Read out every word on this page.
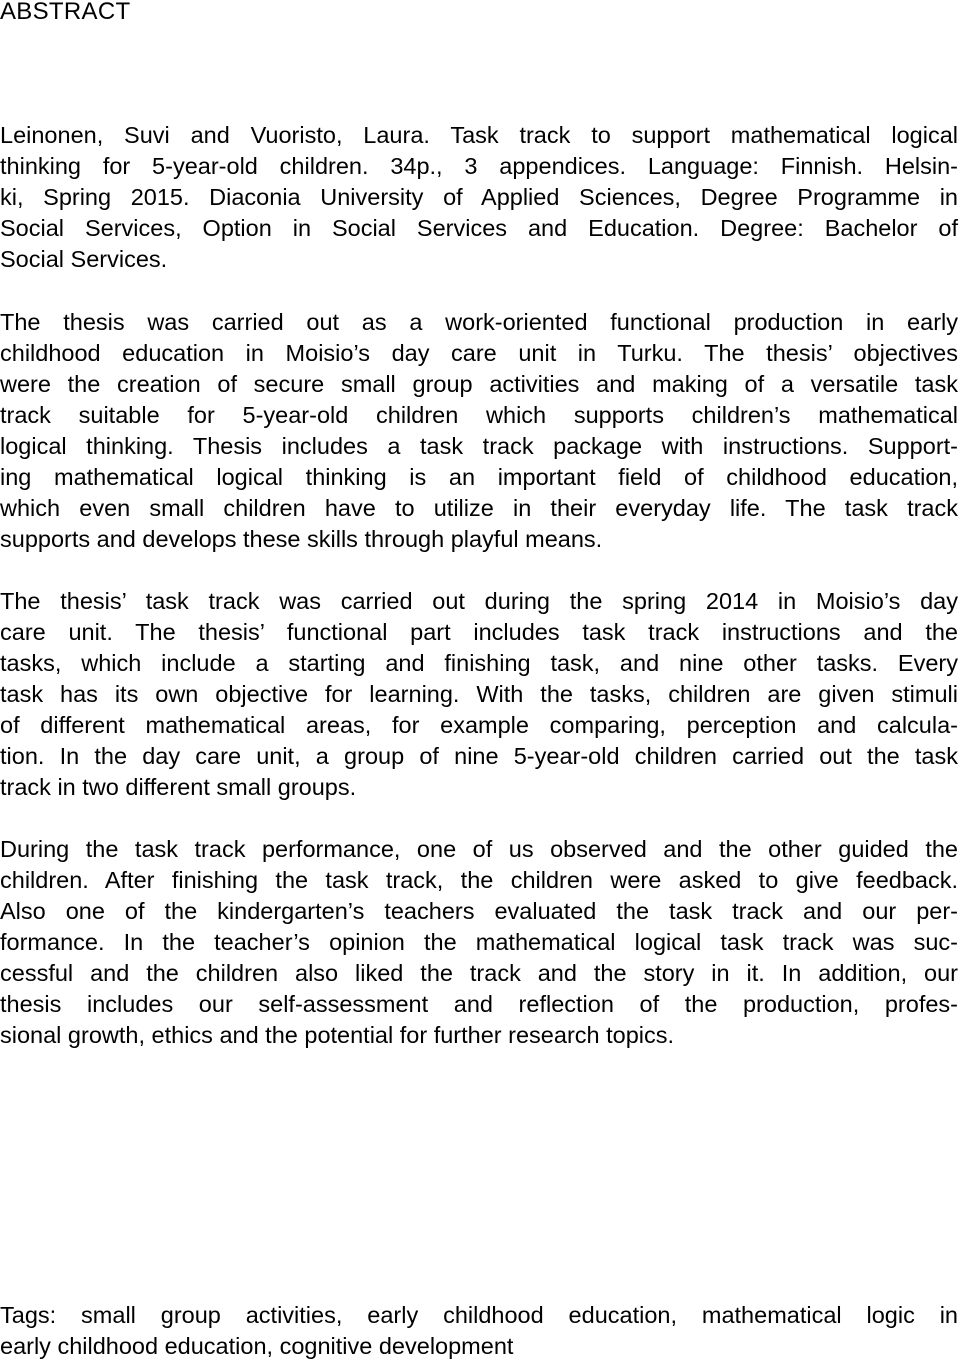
ABSTRACT
Leinonen, Suvi and Vuoristo, Laura. Task track to support mathematical logical
thinking for 5-year-old children. 34p., 3 appendices. Language: Finnish. Helsin-
ki, Spring 2015. Diaconia University of Applied Sciences, Degree Programme in
Social Services, Option in Social Services and Education. Degree: Bachelor of
Social Services.
The thesis was carried out as a work-oriented functional production in early
childhood education in Moisio’s day care unit in Turku. The thesis’ objectives
were the creation of secure small group activities and making of a versatile task
track suitable for 5-year-old children which supports children’s mathematical
logical thinking. Thesis includes a task track package with instructions. Support-
ing mathematical logical thinking is an important field of childhood education,
which even small children have to utilize in their everyday life. The task track
supports and develops these skills through playful means.
The thesis’ task track was carried out during the spring 2014 in Moisio’s day
care unit. The thesis’ functional part includes task track instructions and the
tasks, which include a starting and finishing task, and nine other tasks. Every
task has its own objective for learning. With the tasks, children are given stimuli
of different mathematical areas, for example comparing, perception and calcula-
tion. In the day care unit, a group of nine 5-year-old children carried out the task
track in two different small groups.
During the task track performance, one of us observed and the other guided the
children. After finishing the task track, the children were asked to give feedback.
Also one of the kindergarten’s teachers evaluated the task track and our per-
formance. In the teacher’s opinion the mathematical logical task track was suc-
cessful and the children also liked the track and the story in it. In addition, our
thesis includes our self-assessment and reflection of the production, profes-
sional growth, ethics and the potential for further research topics.
Tags: small group activities, early childhood education, mathematical logic in
early childhood education, cognitive development
